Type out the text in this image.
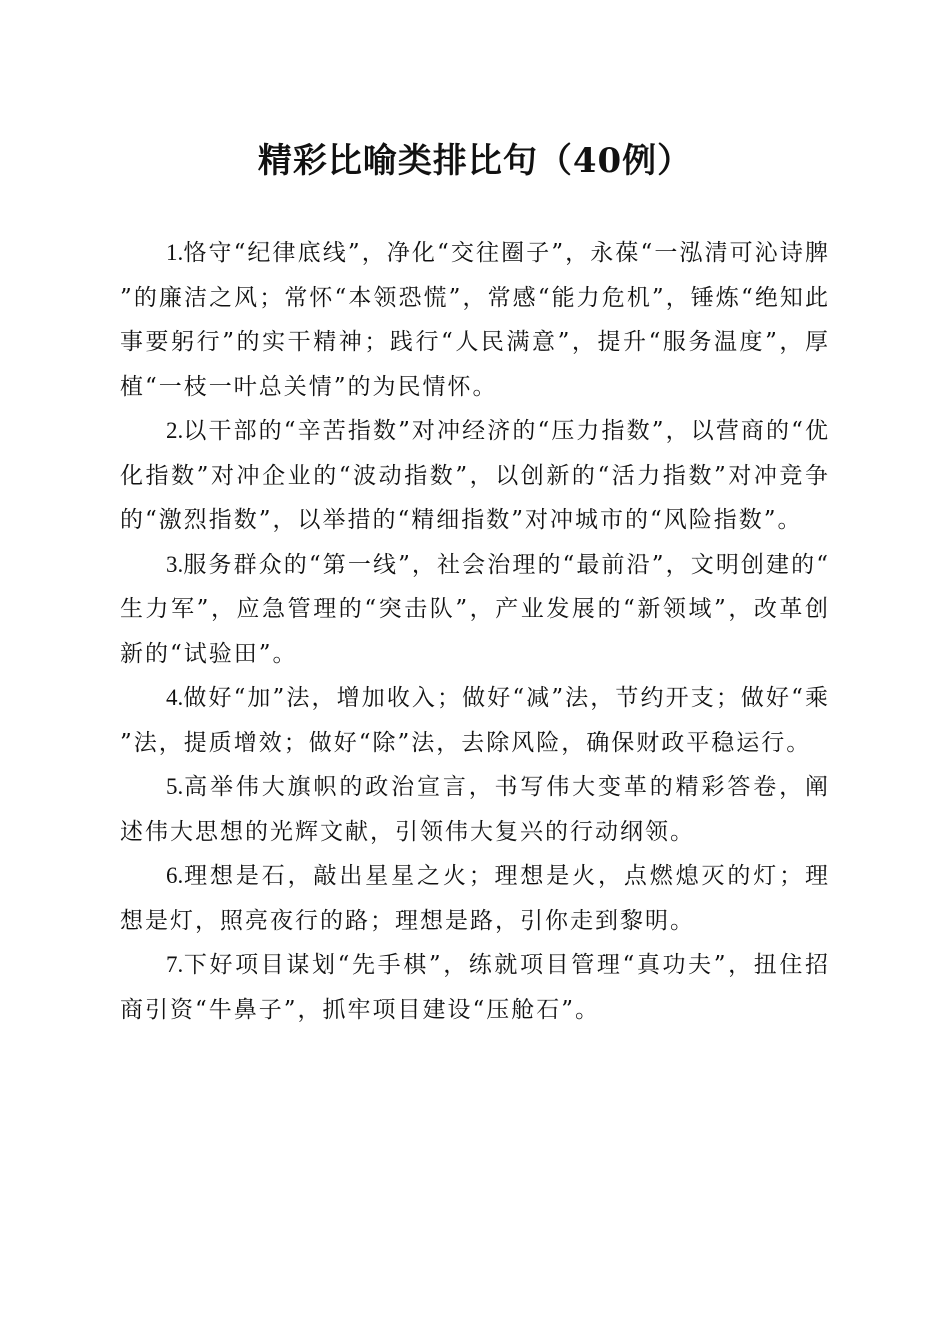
精彩比喻类排比句（40例）

1.恪守“纪律底线”，净化“交往圈子”，永葆“一泓清可沁诗脾”的廉洁之风；常怀“本领恐慌”，常感“能力危机”，锤炼“绝知此事要躬行”的实干精神；践行“人民满意”，提升“服务温度”，厚植“一枝一叶总关情”的为民情怀。

2.以干部的“辛苦指数”对冲经济的“压力指数”，以营商的“优化指数”对冲企业的“波动指数”，以创新的“活力指数”对冲竞争的“激烈指数”，以举措的“精细指数”对冲城市的“风险指数”。

3.服务群众的“第一线”，社会治理的“最前沿”，文明创建的“生力军”，应急管理的“突击队”，产业发展的“新领域”，改革创新的“试验田”。

4.做好“加”法，增加收入；做好“减”法，节约开支；做好“乘”法，提质增效；做好“除”法，去除风险，确保财政平稳运行。

5.高举伟大旗帜的政治宣言，书写伟大变革的精彩答卷，阐述伟大思想的光辉文献，引领伟大复兴的行动纲领。

6.理想是石，敲出星星之火；理想是火，点燃熄灭的灯；理想是灯，照亮夜行的路；理想是路，引你走到黎明。

7.下好项目谋划“先手棋”，练就项目管理“真功夫”，扭住招商引资“牛鼻子”，抓牢项目建设“压舱石”。
